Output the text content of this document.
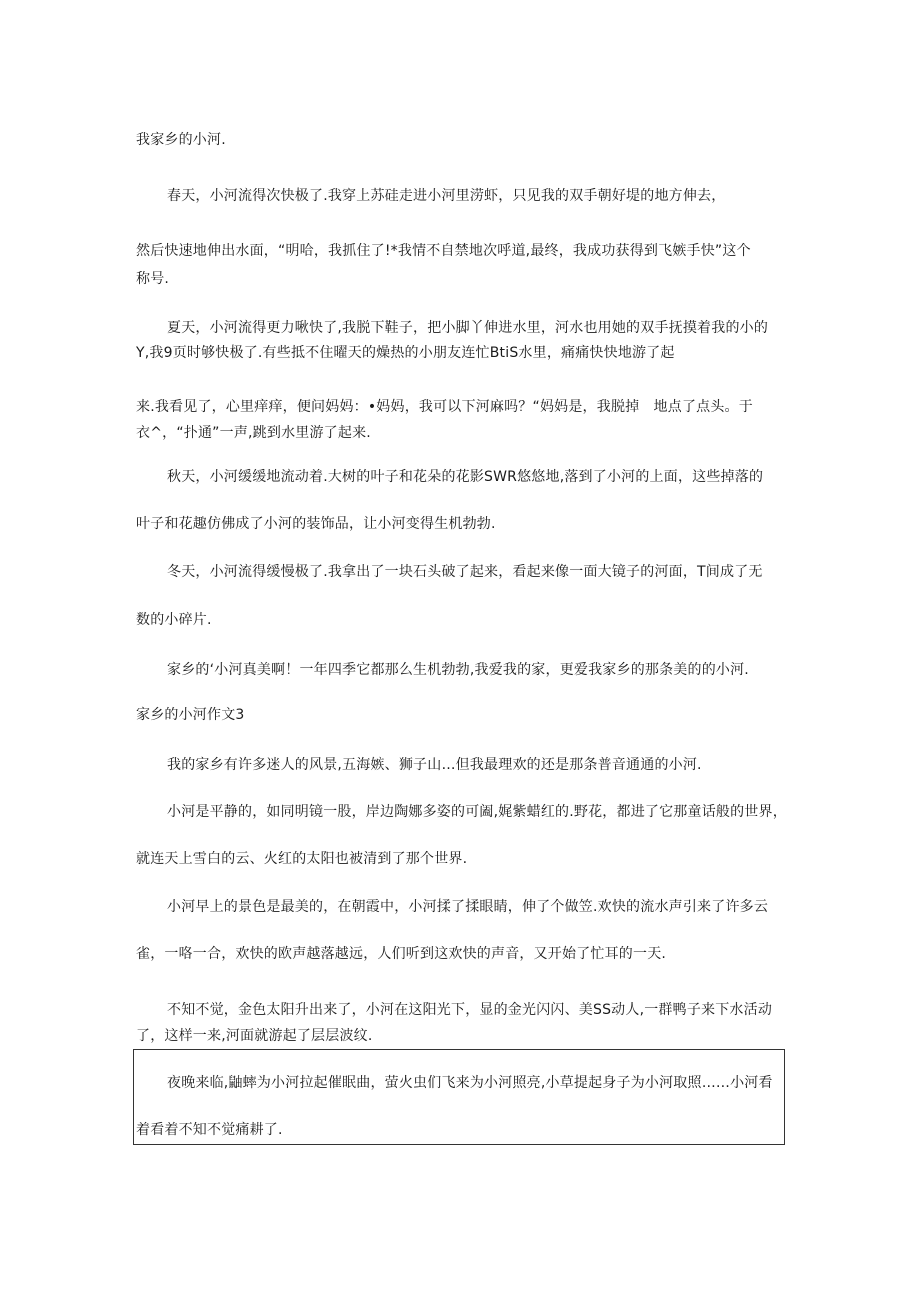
我家乡的小河.
春天，小河流得次快极了.我穿上苏硅走进小河里涝虾，只见我的双手朝好堤的地方伸去，
然后快速地伸出水面，“明哈，我抓住了!*我情不自禁地次呼道,最终，我成功获得到飞嫉手快”这个
称号.
夏天，小河流得更力啾快了,我脱下鞋子，把小脚丫伸进水里，河水也用她的双手抚摸着我的小的
Y,我9页时够快极了.有些抵不住曜天的燥热的小朋友连忙BtiS水里，痛痛快快地游了起
来.我看见了，心里痒痒，便问妈妈：•妈妈，我可以下河麻吗？“妈妈是，我脱掉　地点了点头。于
衣^，“扑通”一声,跳到水里游了起来.
秋天，小河缓缓地流动着.大树的叶子和花朵的花影SWR悠悠地,落到了小河的上面，这些掉落的
叶子和花趣仿佛成了小河的装饰品，让小河变得生机勃勃.
冬天，小河流得缓慢极了.我拿出了一块石头破了起来，看起来像一面大镜子的河面，T间成了无
数的小碎片.
家乡的‘小河真美啊！一年四季它都那么生机勃勃,我爱我的家，更爱我家乡的那条美的的小河.
家乡的小河作文3
我的家乡有许多迷人的风景,五海嫉、狮子山…但我最理欢的还是那条普音通通的小河.
小河是平静的，如同明镜一股，岸边陶娜多姿的可阖,娓紫蜡红的.野花，都进了它那童话般的世界，
就连天上雪白的云、火红的太阳也被清到了那个世界.
小河早上的景色是最美的，在朝霞中，小河揉了揉眼睛，伸了个做笠.欢快的流水声引来了许多云
雀，一咯一合，欢快的欧声越落越远，人们听到这欢快的声音，又开始了忙耳的一天.
不知不觉，金色太阳升出来了，小河在这阳光下，显的金光闪闪、美SS动人,一群鸭子来下水活动
了，这样一来,河面就游起了层层波纹.
夜晚来临,鼬蟀为小河拉起催眠曲，萤火虫们飞来为小河照亮,小草提起身子为小河取照……小河看
着看着不知不觉痛耕了.
